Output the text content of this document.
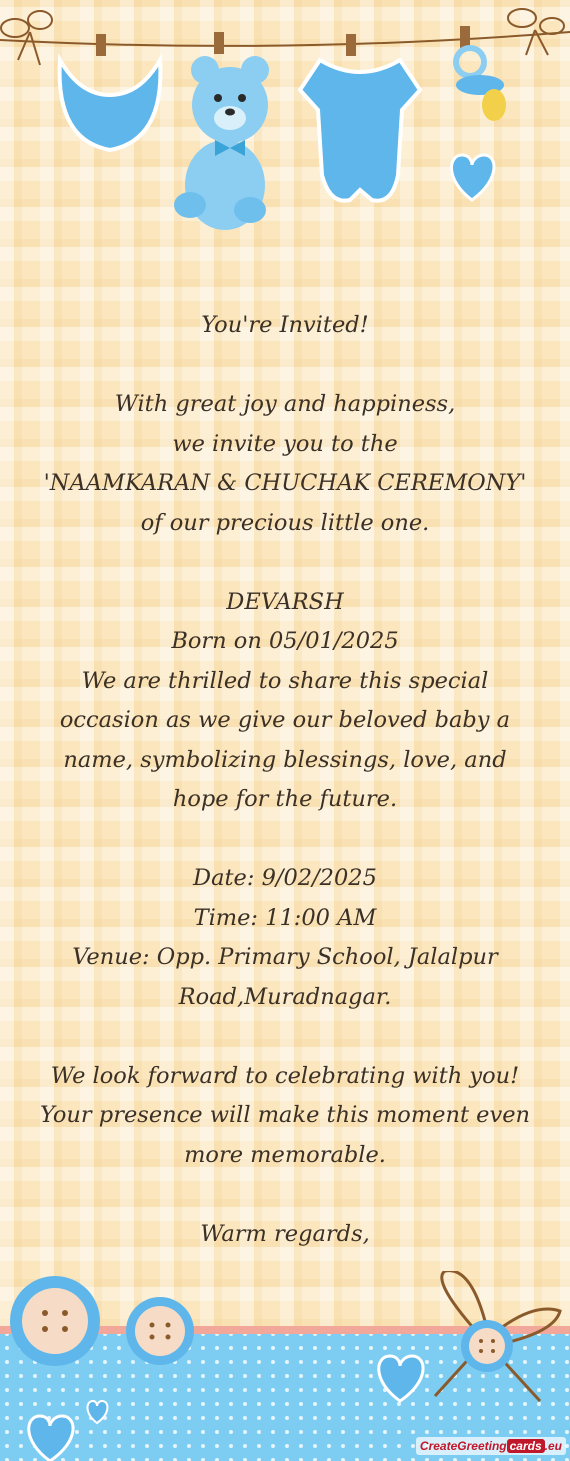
You're Invited!

With great joy and happiness,

we invite you to the

'NAAMKARAN & CHUCHAK CEREMONY'

of our precious little one.

DEVARSH

Born on 05/01/2025

We are thrilled to share this special

occasion as we give our beloved baby a

name, symbolizing blessings, love, and

hope for the future.

Date: 9/02/2025

Time: 11:00 AM

Venue: Opp. Primary School, Jalalpur

Road,Muradnagar.

We look forward to celebrating with you!

Your presence will make this moment even

more memorable.

Warm regards,

CreateGreeting cards .eu
